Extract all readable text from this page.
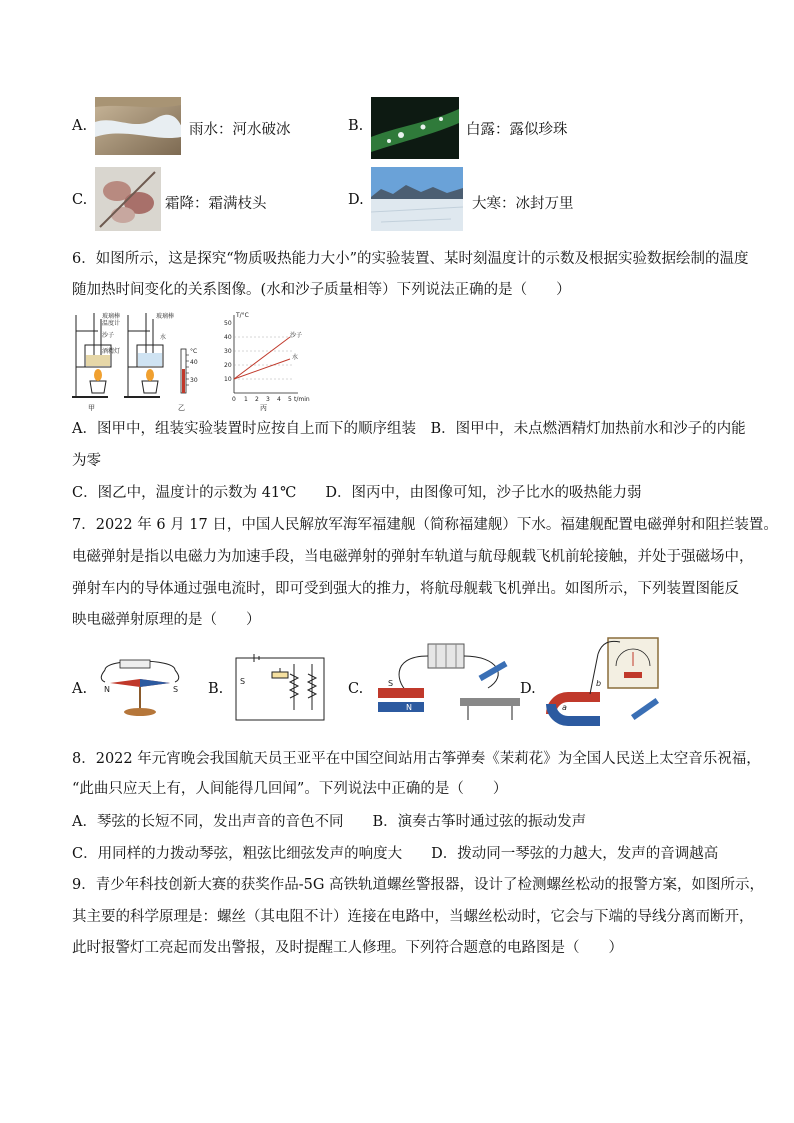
A.	雨水：河水破冰	B.	白露：露似珍珠
C.	霜降：霜满枝头	D.	大寒：冰封万里
6．如图所示，这是探究“物质吸热能力大小”的实验装置、某时刻温度计的示数及根据实验数据绘制的温度
随加热时间变化的关系图像。(水和沙子质量相等）下列说法正确的是（　　）
玻璃棒
温度计
沙子
酒精灯
玻璃棒
水
甲
°C
40
30
乙
T/°C
50
40
30
20
10
0 1 2 3 4 5 t/min
沙子
水
丙
A．图甲中，组装实验装置时应按自上而下的顺序组装　B．图甲中，未点燃酒精灯加热前水和沙子的内能
为零
C．图乙中，温度计的示数为 41℃　　D．图丙中，由图像可知，沙子比水的吸热能力弱
7．2022 年 6 月 17 日，中国人民解放军海军福建舰（简称福建舰）下水。福建舰配置电磁弹射和阻拦装置。
电磁弹射是指以电磁力为加速手段，当电磁弹射的弹射车轨道与航母舰载飞机前轮接触，并处于强磁场中，
弹射车内的导体通过强电流时，即可受到强大的推力，将航母舰载飞机弹出。如图所示，下列装置图能反
映电磁弹射原理的是（　　）
A. N	S B. S	C.	S
N
D.
a
b
8．2022 年元宵晚会我国航天员王亚平在中国空间站用古筝弹奏《茉莉花》为全国人民送上太空音乐祝福，
“此曲只应天上有，人间能得几回闻”。下列说法中正确的是（　　）
A．琴弦的长短不同，发出声音的音色不同　　B．演奏古筝时通过弦的振动发声
C．用同样的力拨动琴弦，粗弦比细弦发声的响度大　　D．拨动同一琴弦的力越大，发声的音调越高
9．青少年科技创新大赛的获奖作品-5G 高铁轨道螺丝警报器，设计了检测螺丝松动的报警方案，如图所示，
其主要的科学原理是：螺丝（其电阻不计）连接在电路中，当螺丝松动时，它会与下端的导线分离而断开，
此时报警灯工亮起而发出警报，及时提醒工人修理。下列符合题意的电路图是（　　）
